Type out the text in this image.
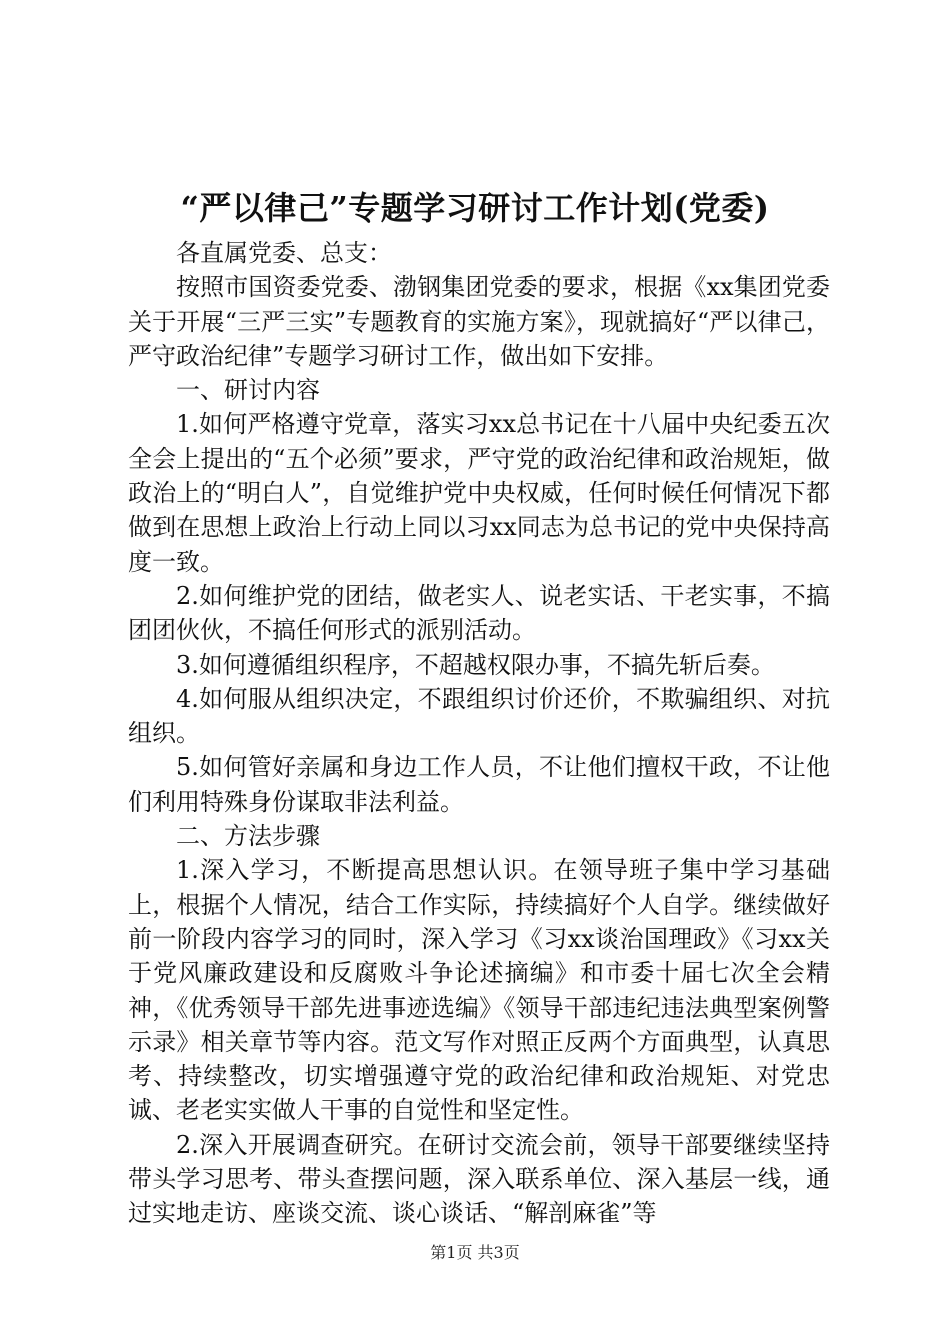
“严以律己”专题学习研讨工作计划(党委)

各直属党委、总支：

按照市国资委党委、渤钢集团党委的要求，根据《xx集团党委关于开展“三严三实”专题教育的实施方案》，现就搞好“严以律己，严守政治纪律”专题学习研讨工作，做出如下安排。

一、研讨内容

1.如何严格遵守党章，落实习xx总书记在十八届中央纪委五次全会上提出的“五个必须”要求，严守党的政治纪律和政治规矩，做政治上的“明白人”，自觉维护党中央权威，任何时候任何情况下都做到在思想上政治上行动上同以习xx同志为总书记的党中央保持高度一致。

2.如何维护党的团结，做老实人、说老实话、干老实事，不搞团团伙伙，不搞任何形式的派别活动。

3.如何遵循组织程序，不超越权限办事，不搞先斩后奏。

4.如何服从组织决定，不跟组织讨价还价，不欺骗组织、对抗组织。

5.如何管好亲属和身边工作人员，不让他们擅权干政，不让他们利用特殊身份谋取非法利益。

二、方法步骤

1.深入学习，不断提高思想认识。在领导班子集中学习基础上，根据个人情况，结合工作实际，持续搞好个人自学。继续做好前一阶段内容学习的同时，深入学习《习xx谈治国理政》《习xx关于党风廉政建设和反腐败斗争论述摘编》和市委十届七次全会精神，《优秀领导干部先进事迹选编》《领导干部违纪违法典型案例警示录》相关章节等内容。范文写作对照正反两个方面典型，认真思考、持续整改，切实增强遵守党的政治纪律和政治规矩、对党忠诚、老老实实做人干事的自觉性和坚定性。

2.深入开展调查研究。在研讨交流会前，领导干部要继续坚持带头学习思考、带头查摆问题，深入联系单位、深入基层一线，通过实地走访、座谈交流、谈心谈话、“解剖麻雀”等

第1页 共3页
